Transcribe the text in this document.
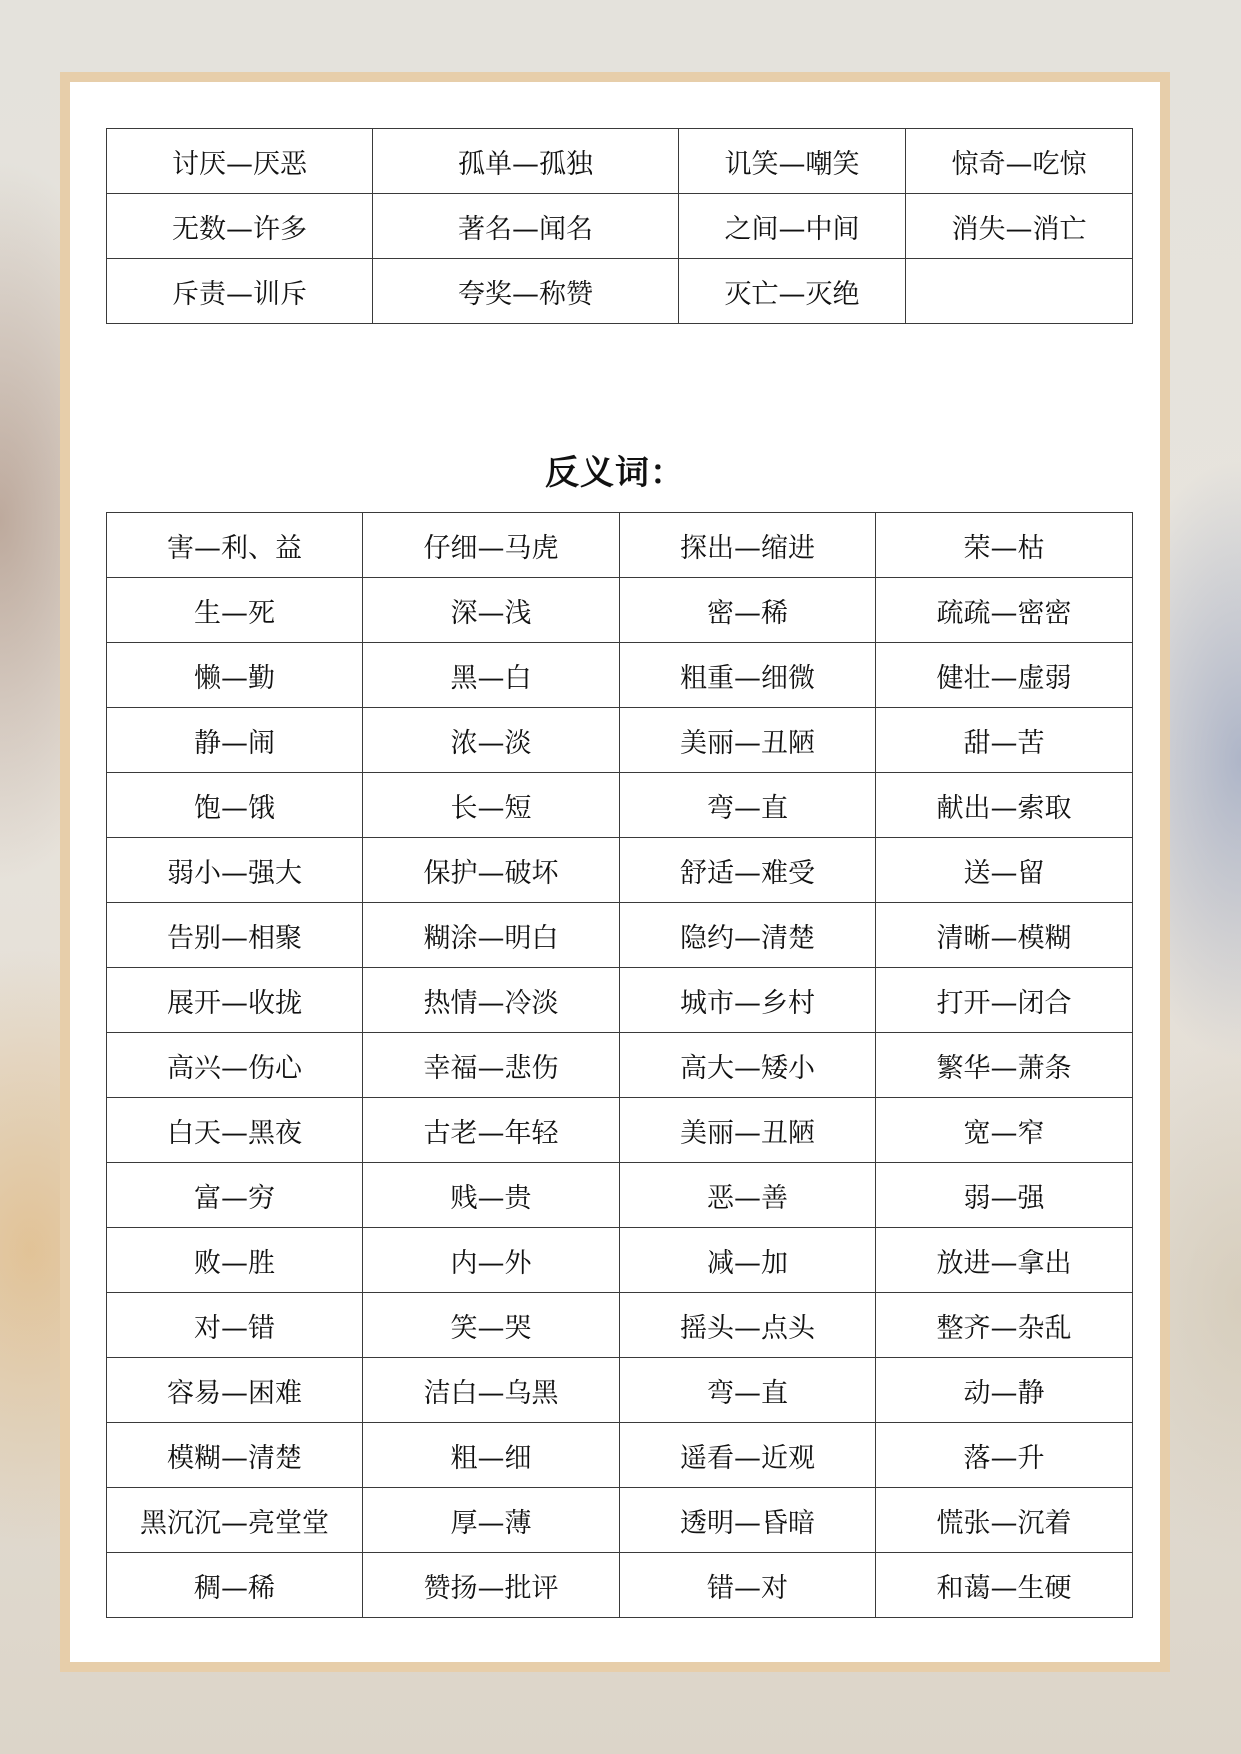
讨厌—厌恶	孤单—孤独	讥笑—嘲笑	惊奇—吃惊
无数—许多	著名—闻名	之间—中间	消失—消亡
斥责—训斥	夸奖—称赞	灭亡—灭绝	
反义词：
害—利、益	仔细—马虎	探出—缩进	荣—枯
生—死	深—浅	密—稀	疏疏—密密
懒—勤	黑—白	粗重—细微	健壮—虚弱
静—闹	浓—淡	美丽—丑陋	甜—苦
饱—饿	长—短	弯—直	献出—索取
弱小—强大	保护—破坏	舒适—难受	送—留
告别—相聚	糊涂—明白	隐约—清楚	清晰—模糊
展开—收拢	热情—冷淡	城市—乡村	打开—闭合
高兴—伤心	幸福—悲伤	高大—矮小	繁华—萧条
白天—黑夜	古老—年轻	美丽—丑陋	宽—窄
富—穷	贱—贵	恶—善	弱—强
败—胜	内—外	减—加	放进—拿出
对—错	笑—哭	摇头—点头	整齐—杂乱
容易—困难	洁白—乌黑	弯—直	动—静
模糊—清楚	粗—细	遥看—近观	落—升
黑沉沉—亮堂堂	厚—薄	透明—昏暗	慌张—沉着
稠—稀	赞扬—批评	错—对	和蔼—生硬
